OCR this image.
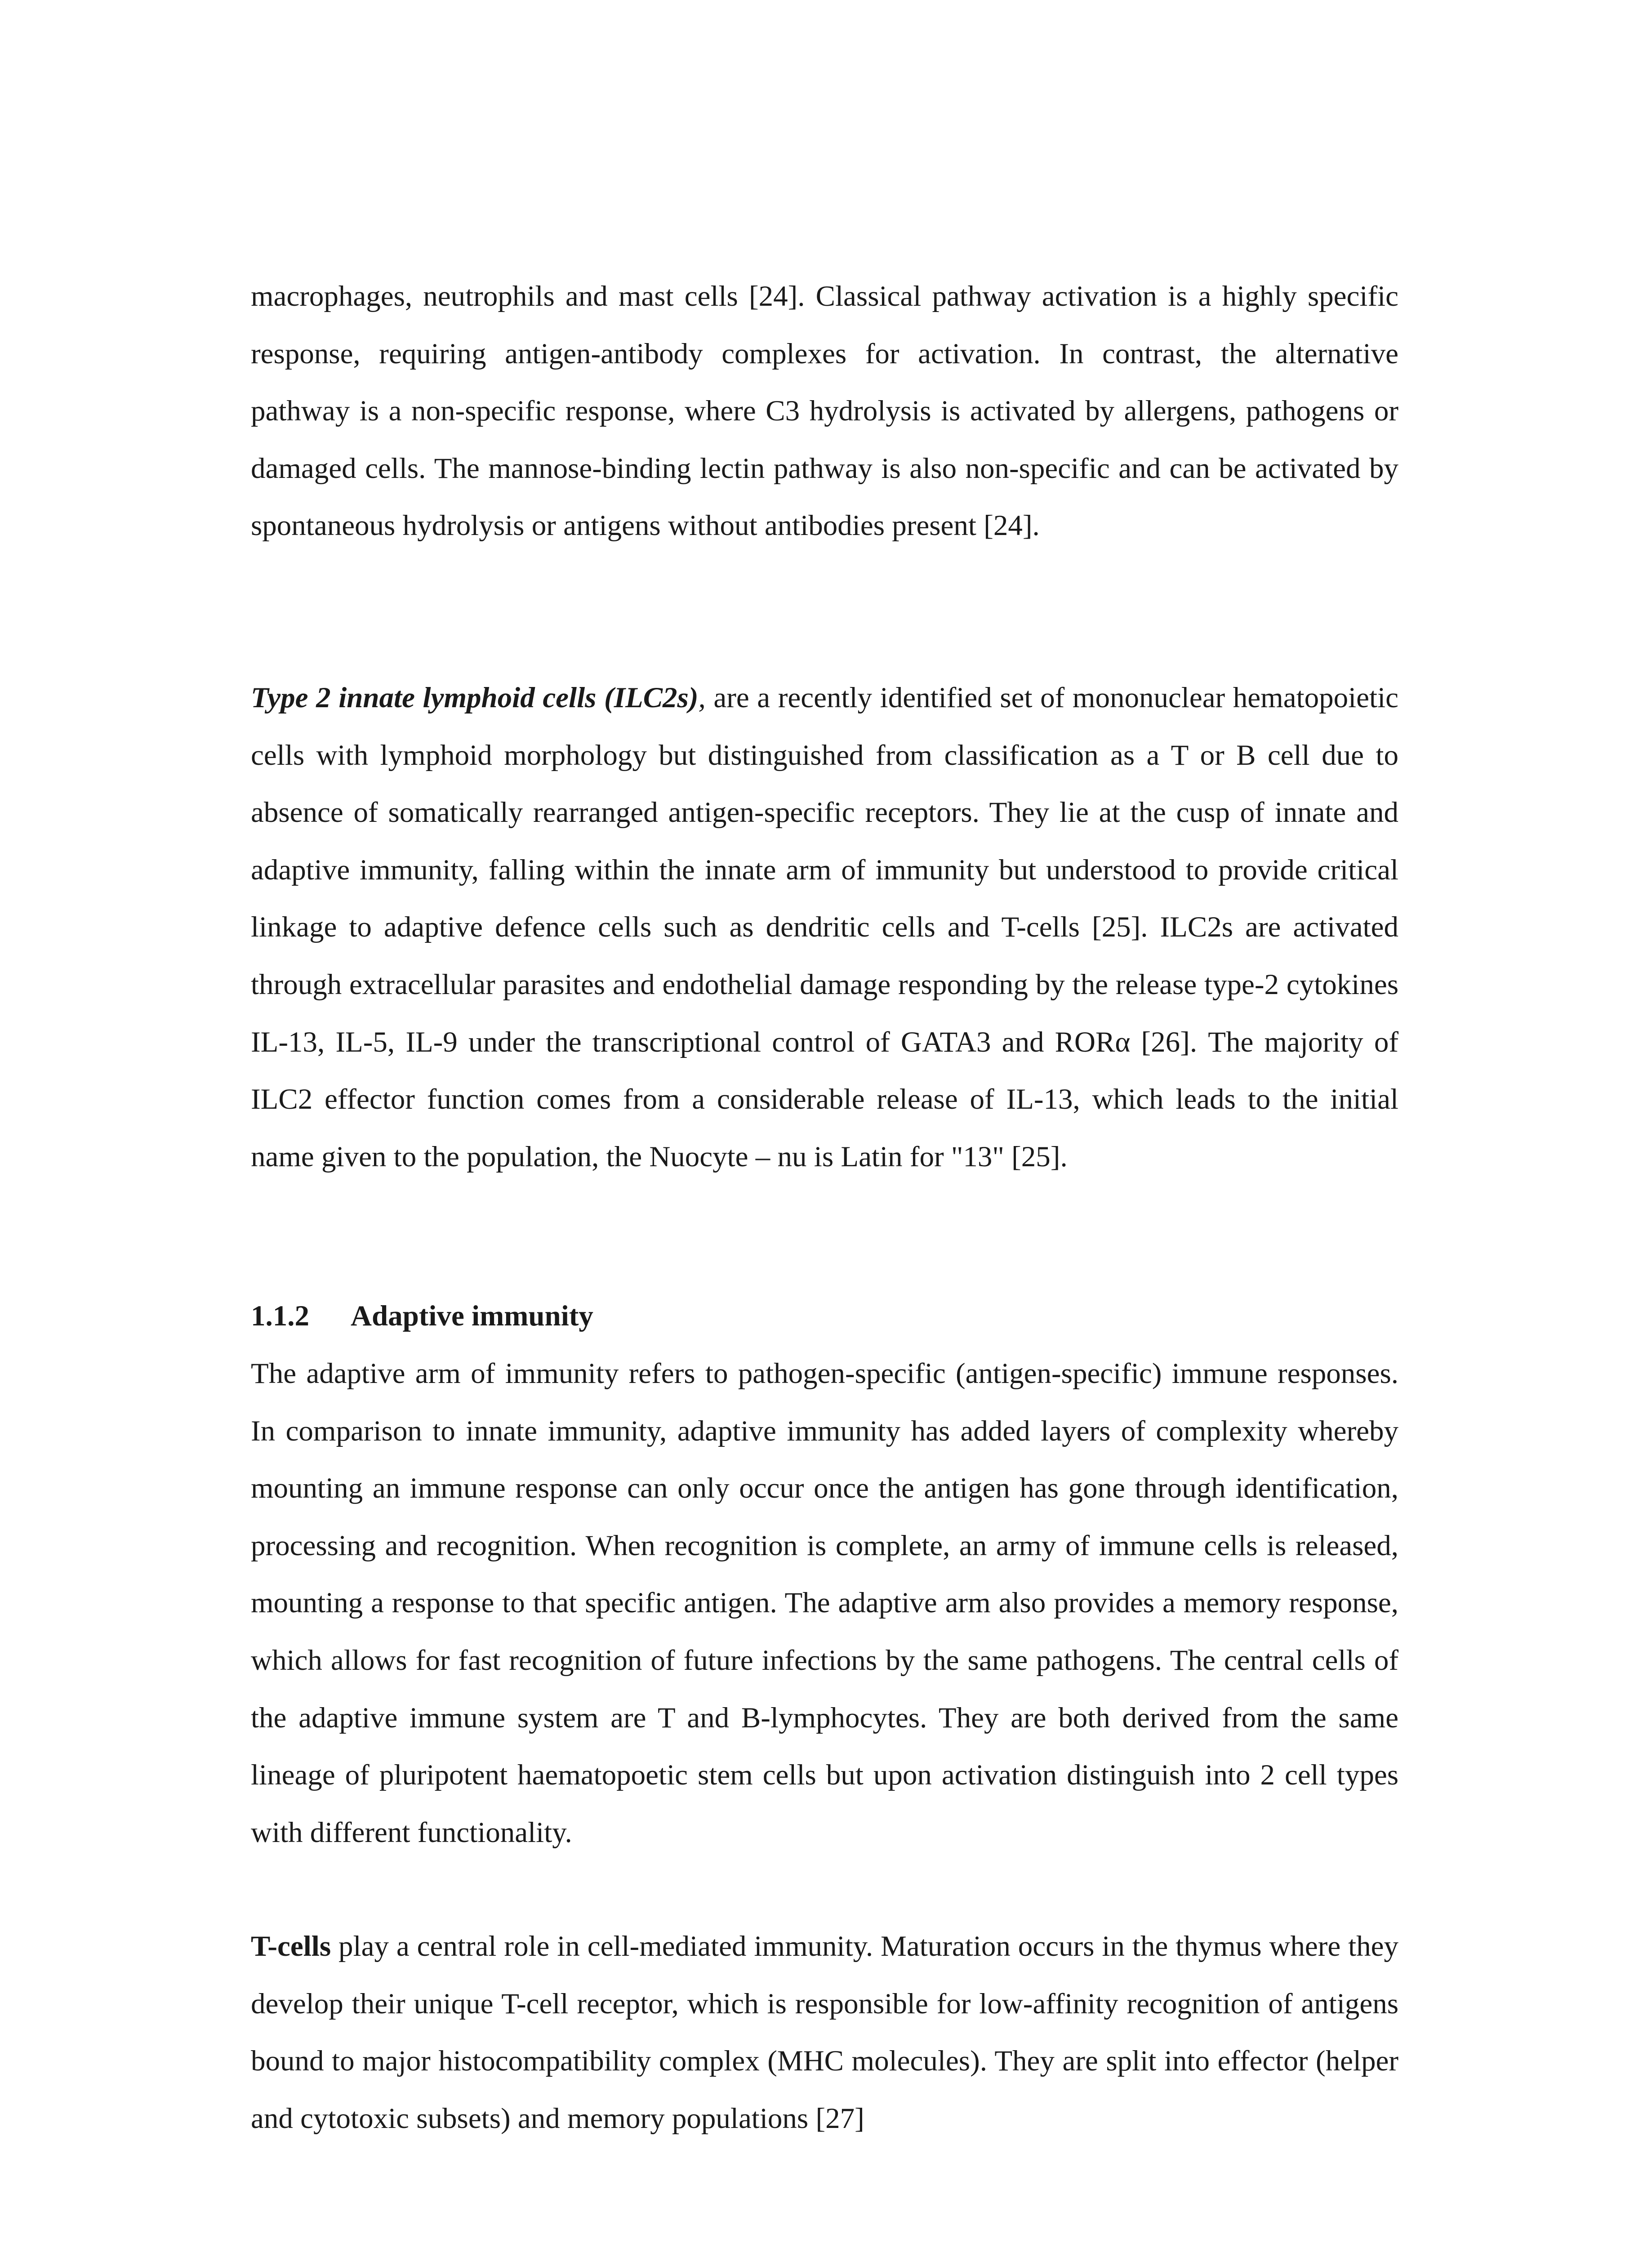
macrophages, neutrophils and mast cells [24]. Classical pathway activation is a highly specific response, requiring antigen-antibody complexes for activation. In contrast, the alternative pathway is a non-specific response, where C3 hydrolysis is activated by allergens, pathogens or damaged cells. The mannose-binding lectin pathway is also non-specific and can be activated by spontaneous hydrolysis or antigens without antibodies present [24].

Type 2 innate lymphoid cells (ILC2s), are a recently identified set of mononuclear hematopoietic cells with lymphoid morphology but distinguished from classification as a T or B cell due to absence of somatically rearranged antigen-specific receptors. They lie at the cusp of innate and adaptive immunity, falling within the innate arm of immunity but understood to provide critical linkage to adaptive defence cells such as dendritic cells and T-cells [25]. ILC2s are activated through extracellular parasites and endothelial damage responding by the release type-2 cytokines IL-13, IL-5, IL-9 under the transcriptional control of GATA3 and RORα [26]. The majority of ILC2 effector function comes from a considerable release of IL-13, which leads to the initial name given to the population, the Nuocyte – nu is Latin for "13" [25].

1.1.2 Adaptive immunity

The adaptive arm of immunity refers to pathogen-specific (antigen-specific) immune responses. In comparison to innate immunity, adaptive immunity has added layers of complexity whereby mounting an immune response can only occur once the antigen has gone through identification, processing and recognition. When recognition is complete, an army of immune cells is released, mounting a response to that specific antigen. The adaptive arm also provides a memory response, which allows for fast recognition of future infections by the same pathogens. The central cells of the adaptive immune system are T and B-lymphocytes. They are both derived from the same lineage of pluripotent haematopoetic stem cells but upon activation distinguish into 2 cell types with different functionality.

T-cells play a central role in cell-mediated immunity. Maturation occurs in the thymus where they develop their unique T-cell receptor, which is responsible for low-affinity recognition of antigens bound to major histocompatibility complex (MHC molecules). They are split into effector (helper and cytotoxic subsets) and memory populations [27]
